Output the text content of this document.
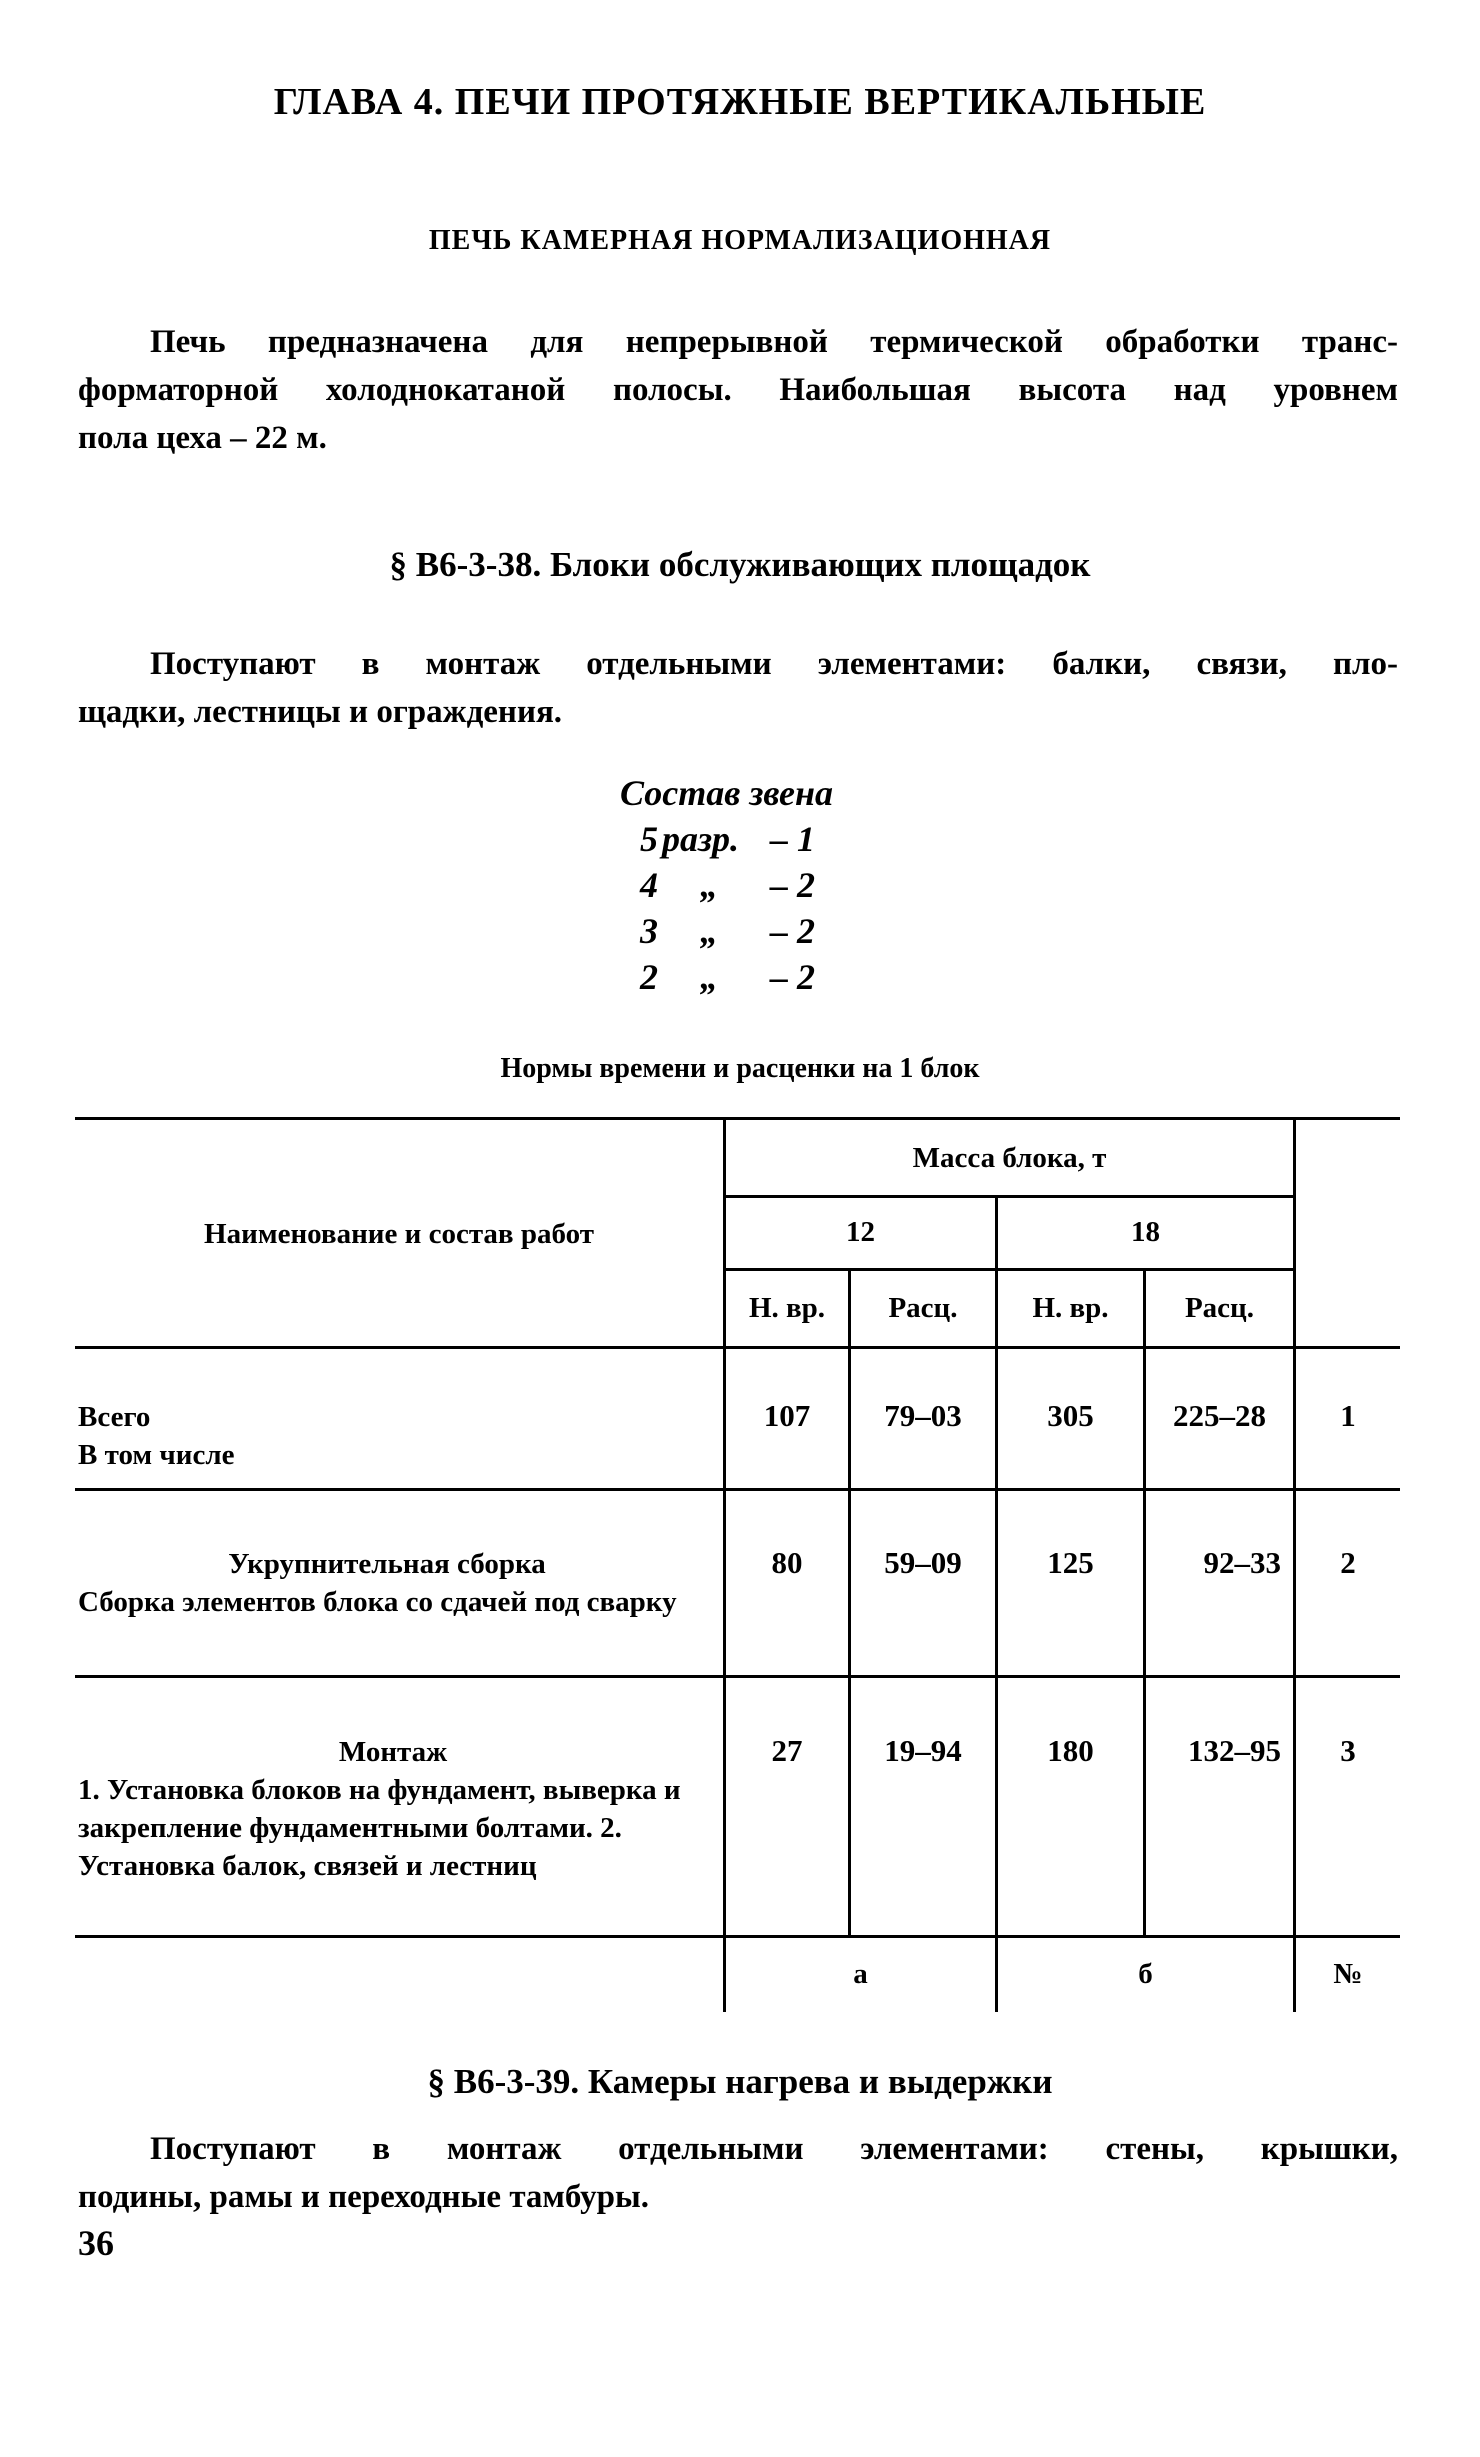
ГЛАВА 4. ПЕЧИ ПРОТЯЖНЫЕ ВЕРТИКАЛЬНЫЕ
ПЕЧЬ КАМЕРНАЯ НОРМАЛИЗАЦИОННАЯ
Печь предназначена для непрерывной термической обработки транс-
форматорной холоднокатаной полосы. Наибольшая высота над уровнем
пола цеха – 22 м.
§ В6-3-38. Блоки обслуживающих площадок
Поступают в монтаж отдельными элементами: балки, связи, пло-
щадки, лестницы и ограждения.
Состав звена
5 разр. – 1
4 „ – 2
3 „ – 2
2 „ – 2
Нормы времени и расценки на 1 блок
Наименование и состав работ
Масса блока, т
12	18
Н. вр.	Расц.	Н. вр.	Расц.
Всего
В том числе
107	79–03	305	225–28	1
Укрупнительная сборка
Сборка элементов блока со сдачей под сварку
80	59–09	125	92–33	2
Монтаж
1. Установка блоков на фундамент, выверка и закрепление фундаментными болтами. 2. Установка балок, связей и лестниц
27	19–94	180	132–95	3
а	б	№
§ В6-3-39. Камеры нагрева и выдержки
Поступают в монтаж отдельными элементами: стены, крышки,
подины, рамы и переходные тамбуры.
36
